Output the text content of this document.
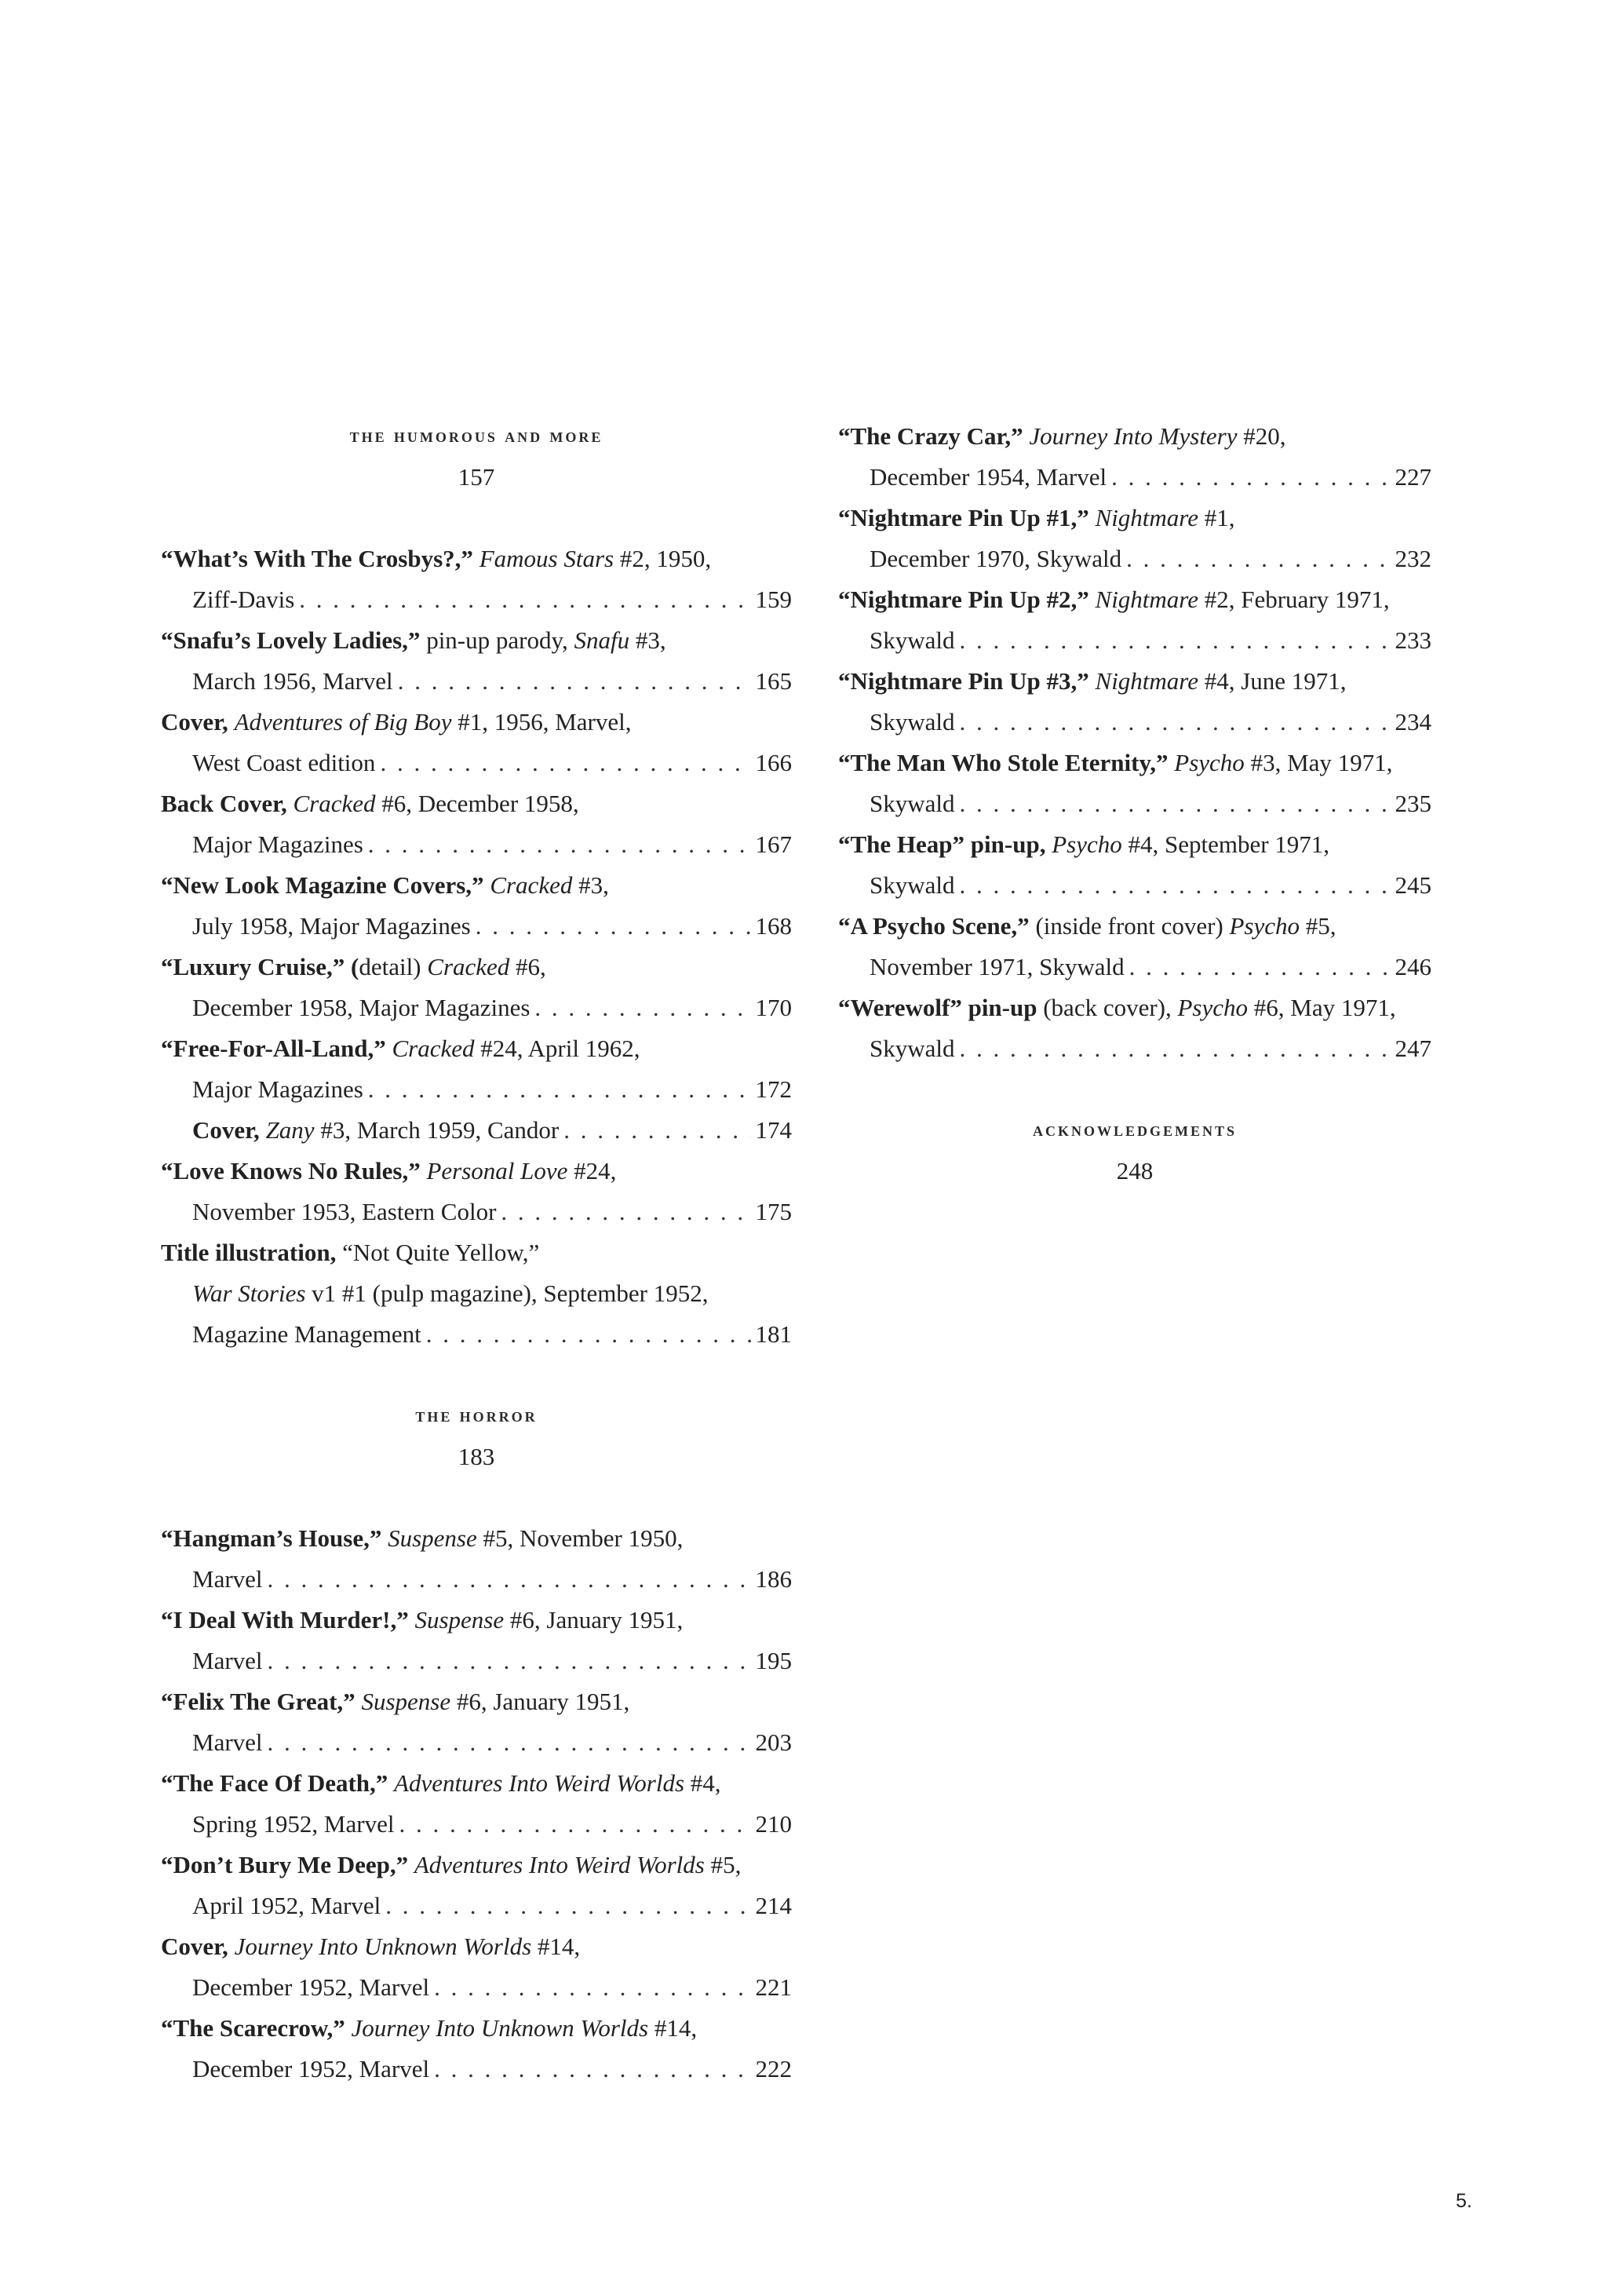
the humorous and more
157
“What’s With The Crosbys?,” Famous Stars #2, 1950,
Ziff-Davis . . .	159
“Snafu’s Lovely Ladies,” pin-up parody, Snafu #3,
March 1956, Marvel . . .	165
Cover, Adventures of Big Boy #1, 1956, Marvel,
West Coast edition . . .	166
Back Cover, Cracked #6, December 1958,
Major Magazines . . .	167
“New Look Magazine Covers,” Cracked #3,
July 1958, Major Magazines . . .	168
“Luxury Cruise,” (detail) Cracked #6,
December 1958, Major Magazines . . .	170
“Free-For-All-Land,” Cracked #24, April 1962,
Major Magazines . . .	172
Cover, Zany #3, March 1959, Candor . . .	174
“Love Knows No Rules,” Personal Love #24,
November 1953, Eastern Color . . .	175
Title illustration, “Not Quite Yellow,”
War Stories v1 #1 (pulp magazine), September 1952,
Magazine Management . . .	181
the horror
183
“Hangman’s House,” Suspense #5, November 1950,
Marvel . . .	186
“I Deal With Murder!,” Suspense #6, January 1951,
Marvel . . .	195
“Felix The Great,” Suspense #6, January 1951,
Marvel . . .	203
“The Face Of Death,” Adventures Into Weird Worlds #4,
Spring 1952, Marvel . . .	210
“Don’t Bury Me Deep,” Adventures Into Weird Worlds #5,
April 1952, Marvel . . .	214
Cover, Journey Into Unknown Worlds #14,
December 1952, Marvel . . .	221
“The Scarecrow,” Journey Into Unknown Worlds #14,
December 1952, Marvel . . .	222
“The Crazy Car,” Journey Into Mystery #20,
December 1954, Marvel . . .	227
“Nightmare Pin Up #1,” Nightmare #1,
December 1970, Skywald . . .	232
“Nightmare Pin Up #2,” Nightmare #2, February 1971,
Skywald . . .	233
“Nightmare Pin Up #3,” Nightmare #4, June 1971,
Skywald . . .	234
“The Man Who Stole Eternity,” Psycho #3, May 1971,
Skywald . . .	235
“The Heap” pin-up, Psycho #4, September 1971,
Skywald . . .	245
“A Psycho Scene,” (inside front cover) Psycho #5,
November 1971, Skywald . . .	246
“Werewolf” pin-up (back cover), Psycho #6, May 1971,
Skywald . . .	247
acknowledgements
248
5.
